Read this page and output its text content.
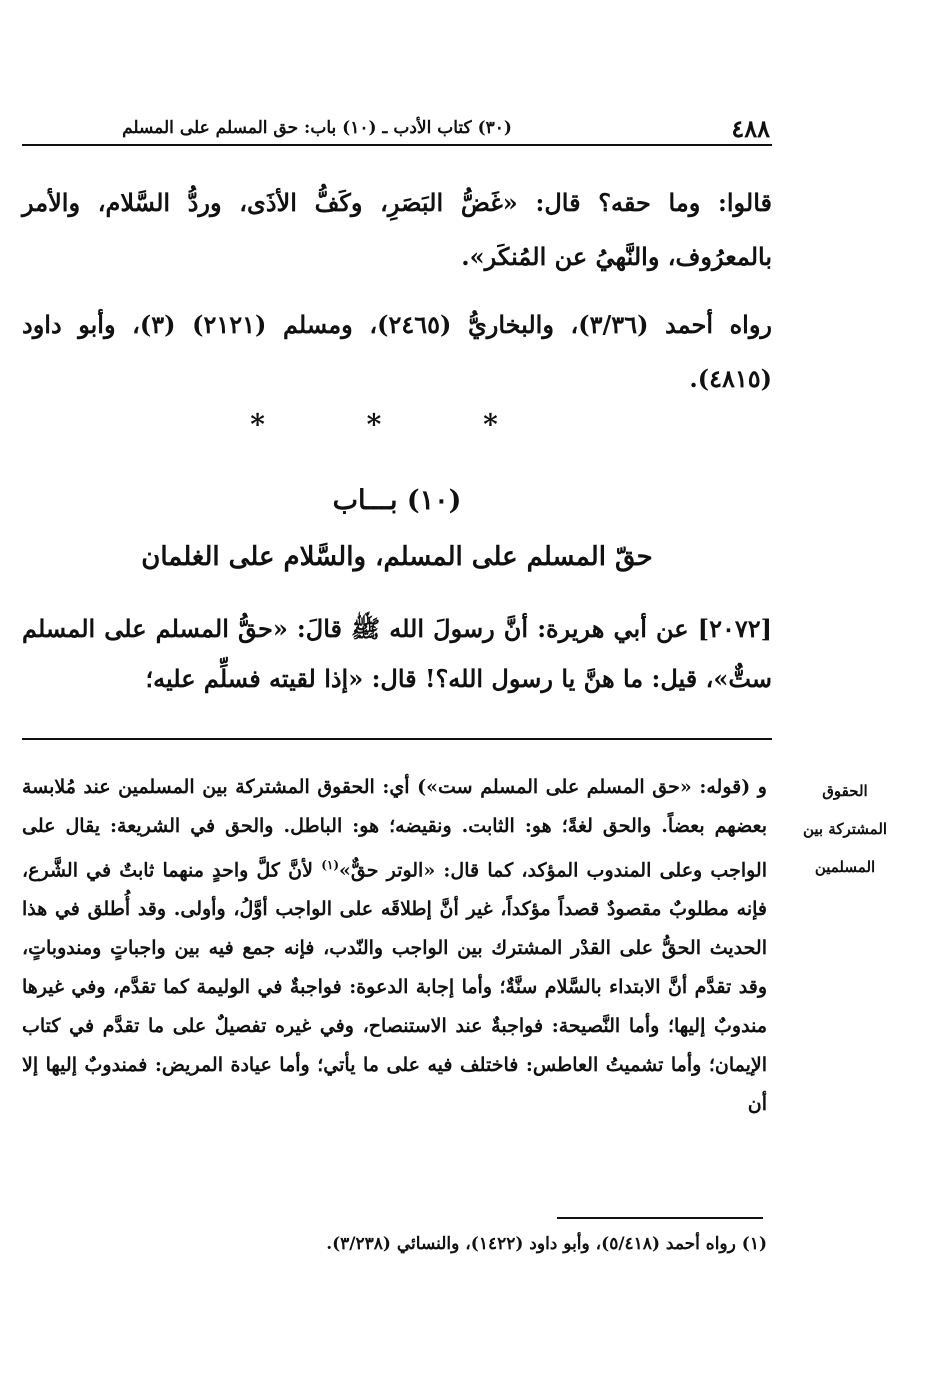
٤٨٨
(٣٠) كتاب الأدب ـ (١٠) باب: حق المسلم على المسلم

قالوا: وما حقه؟ قال: «غَضُّ البَصَرِ، وكَفُّ الأذَى، وردُّ السَّلام، والأمر بالمعرُوف، والنَّهيُ عن المُنكَر».

رواه أحمد (٣/٣٦)، والبخاريُّ (٢٤٦٥)، ومسلم (٢١٢١) (٣)، وأبو داود (٤٨١٥).

* * *
(١٠) بـــاب
حقّ المسلم على المسلم، والسَّلام على الغلمان

[٢٠٧٢] عن أبي هريرة: أنَّ رسولَ الله ﷺ قالَ: «حقُّ المسلم على المسلم ستٌّ»، قيل: ما هنَّ يا رسول الله؟! قال: «إذا لقيته فسلِّم عليه؛

الحقوق
المشتركة بين
المسلمين

و (قوله: «حق المسلم على المسلم ست») أي: الحقوق المشتركة بين المسلمين عند مُلابسة بعضهم بعضاً. والحق لغةً؛ هو: الثابت. ونقيضه؛ هو: الباطل. والحق في الشريعة: يقال على الواجب وعلى المندوب المؤكد، كما قال: «الوتر حقٌّ»$^{(١)}$ لأنَّ كلَّ واحدٍ منهما ثابتٌ في الشَّرع، فإنه مطلوبٌ مقصودٌ قصداً مؤكداً، غير أنَّ إطلاقَه على الواجب أوَّلُ، وأولى. وقد أُطلق في هذا الحديث الحقُّ على القدْر المشترك بين الواجب والنّدب، فإنه جمع فيه بين واجباتٍ ومندوباتٍ، وقد تقدَّم أنَّ الابتداء بالسَّلام سنَّةٌ؛ وأما إجابة الدعوة: فواجبةٌ في الوليمة كما تقدَّم، وفي غيرها مندوبٌ إليها؛ وأما النَّصيحة: فواجبةٌ عند الاستنصاح، وفي غيره تفصيلٌ على ما تقدَّم في كتاب الإيمان؛ وأما تشميتُ العاطس: فاختلف فيه على ما يأتي؛ وأما عيادة المريض: فمندوبٌ إليها إلا أن

(١) رواه أحمد (٥/٤١٨)، وأبو داود (١٤٢٢)، والنسائي (٣/٢٣٨).
